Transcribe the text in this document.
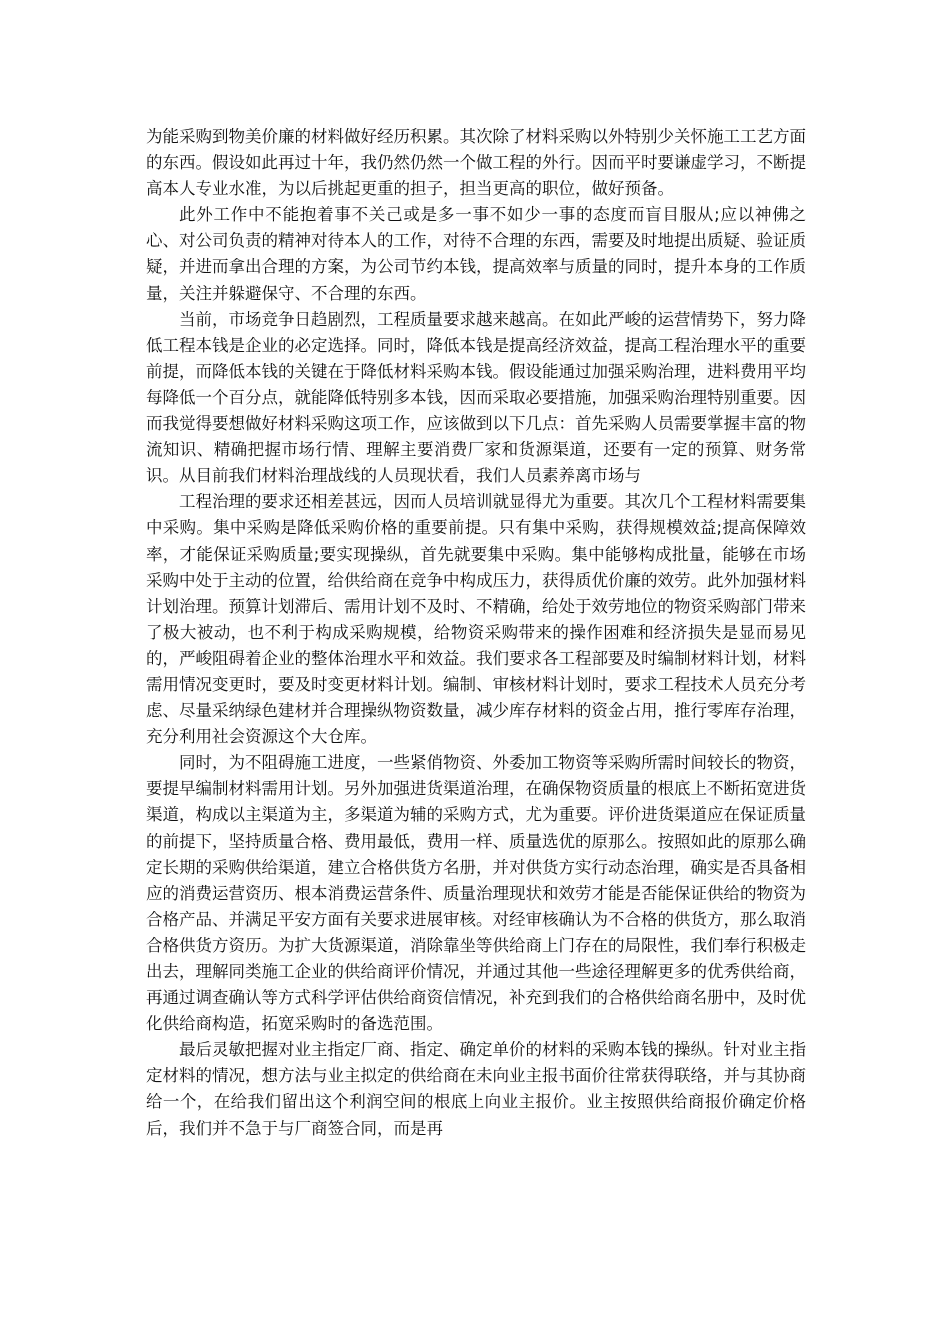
为能采购到物美价廉的材料做好经历积累。其次除了材料采购以外特别少关怀施工工艺方面的东西。假设如此再过十年，我仍然仍然一个做工程的外行。因而平时要谦虚学习，不断提高本人专业水准，为以后挑起更重的担子，担当更高的职位，做好预备。

此外工作中不能抱着事不关己或是多一事不如少一事的态度而盲目服从;应以神佛之心、对公司负责的精神对待本人的工作，对待不合理的东西，需要及时地提出质疑、验证质疑，并进而拿出合理的方案，为公司节约本钱，提高效率与质量的同时，提升本身的工作质量，关注并躲避保守、不合理的东西。

当前，市场竞争日趋剧烈，工程质量要求越来越高。在如此严峻的运营情势下，努力降低工程本钱是企业的必定选择。同时，降低本钱是提高经济效益，提高工程治理水平的重要前提，而降低本钱的关键在于降低材料采购本钱。假设能通过加强采购治理，进料费用平均每降低一个百分点，就能降低特别多本钱，因而采取必要措施，加强采购治理特别重要。因而我觉得要想做好材料采购这项工作，应该做到以下几点：首先采购人员需要掌握丰富的物流知识、精确把握市场行情、理解主要消费厂家和货源渠道，还要有一定的预算、财务常识。从目前我们材料治理战线的人员现状看，我们人员素养离市场与

工程治理的要求还相差甚远，因而人员培训就显得尤为重要。其次几个工程材料需要集中采购。集中采购是降低采购价格的重要前提。只有集中采购，获得规模效益;提高保障效率，才能保证采购质量;要实现操纵，首先就要集中采购。集中能够构成批量，能够在市场采购中处于主动的位置，给供给商在竞争中构成压力，获得质优价廉的效劳。此外加强材料计划治理。预算计划滞后、需用计划不及时、不精确，给处于效劳地位的物资采购部门带来了极大被动，也不利于构成采购规模，给物资采购带来的操作困难和经济损失是显而易见的，严峻阻碍着企业的整体治理水平和效益。我们要求各工程部要及时编制材料计划，材料需用情况变更时，要及时变更材料计划。编制、审核材料计划时，要求工程技术人员充分考虑、尽量采纳绿色建材并合理操纵物资数量，减少库存材料的资金占用，推行零库存治理，充分利用社会资源这个大仓库。

同时，为不阻碍施工进度，一些紧俏物资、外委加工物资等采购所需时间较长的物资，要提早编制材料需用计划。另外加强进货渠道治理，在确保物资质量的根底上不断拓宽进货渠道，构成以主渠道为主，多渠道为辅的采购方式，尤为重要。评价进货渠道应在保证质量的前提下，坚持质量合格、费用最低，费用一样、质量选优的原那么。按照如此的原那么确定长期的采购供给渠道，建立合格供货方名册，并对供货方实行动态治理，确实是否具备相应的消费运营资历、根本消费运营条件、质量治理现状和效劳才能是否能保证供给的物资为合格产品、并满足平安方面有关要求进展审核。对经审核确认为不合格的供货方，那么取消合格供货方资历。为扩大货源渠道，消除靠坐等供给商上门存在的局限性，我们奉行积极走出去，理解同类施工企业的供给商评价情况，并通过其他一些途径理解更多的优秀供给商，再通过调查确认等方式科学评估供给商资信情况，补充到我们的合格供给商名册中，及时优化供给商构造，拓宽采购时的备选范围。

最后灵敏把握对业主指定厂商、指定、确定单价的材料的采购本钱的操纵。针对业主指定材料的情况，想方法与业主拟定的供给商在未向业主报书面价往常获得联络，并与其协商给一个，在给我们留出这个利润空间的根底上向业主报价。业主按照供给商报价确定价格后，我们并不急于与厂商签合同，而是再
